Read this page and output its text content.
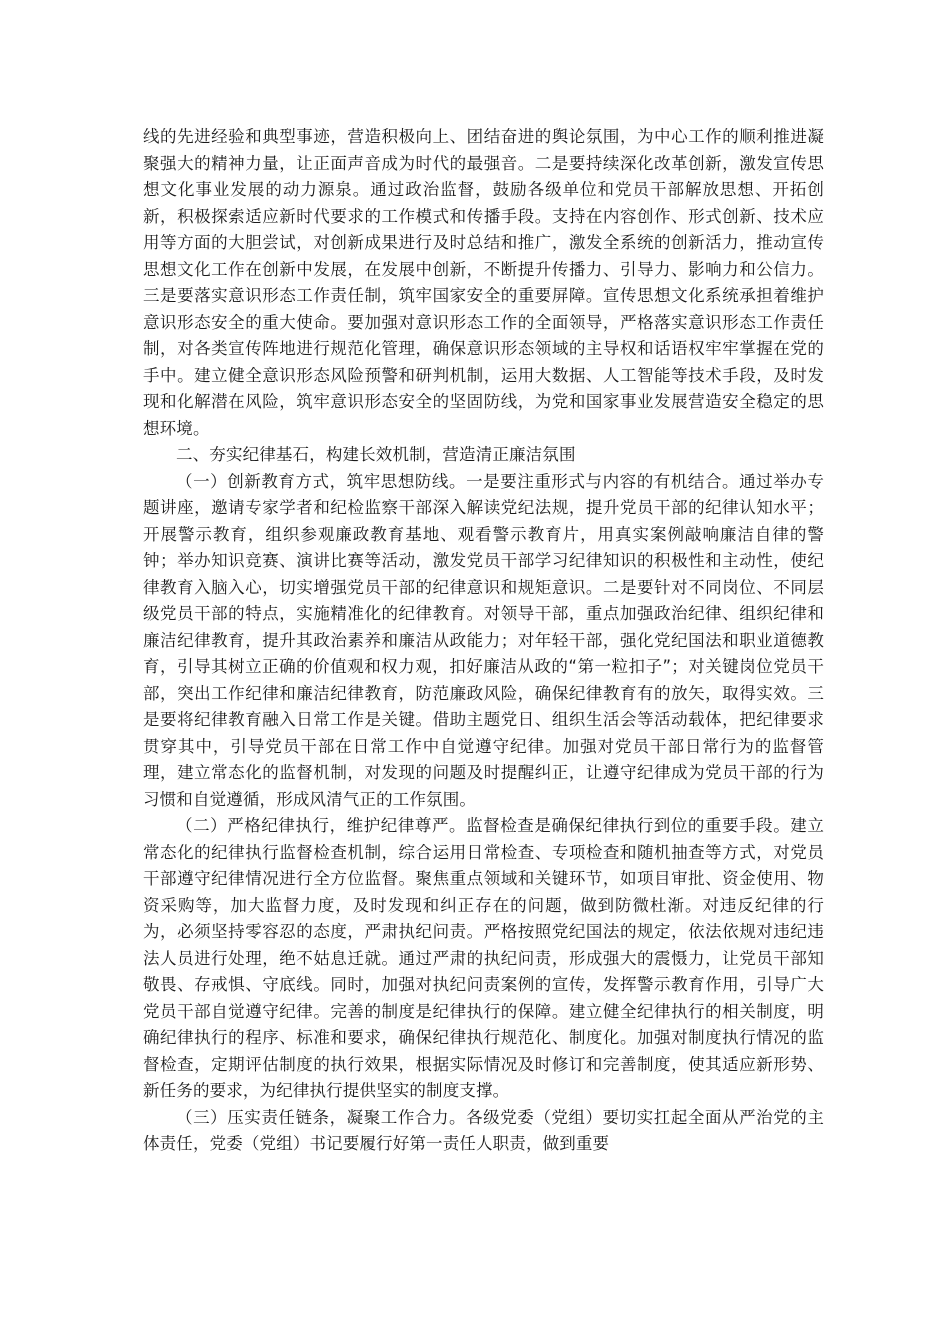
线的先进经验和典型事迹，营造积极向上、团结奋进的舆论氛围，为中心工作的顺利推进凝聚强大的精神力量，让正面声音成为时代的最强音。二是要持续深化改革创新，激发宣传思想文化事业发展的动力源泉。通过政治监督，鼓励各级单位和党员干部解放思想、开拓创新，积极探索适应新时代要求的工作模式和传播手段。支持在内容创作、形式创新、技术应用等方面的大胆尝试，对创新成果进行及时总结和推广，激发全系统的创新活力，推动宣传思想文化工作在创新中发展，在发展中创新，不断提升传播力、引导力、影响力和公信力。三是要落实意识形态工作责任制，筑牢国家安全的重要屏障。宣传思想文化系统承担着维护意识形态安全的重大使命。要加强对意识形态工作的全面领导，严格落实意识形态工作责任制，对各类宣传阵地进行规范化管理，确保意识形态领域的主导权和话语权牢牢掌握在党的手中。建立健全意识形态风险预警和研判机制，运用大数据、人工智能等技术手段，及时发现和化解潜在风险，筑牢意识形态安全的坚固防线，为党和国家事业发展营造安全稳定的思想环境。

二、夯实纪律基石，构建长效机制，营造清正廉洁氛围

（一）创新教育方式，筑牢思想防线。一是要注重形式与内容的有机结合。通过举办专题讲座，邀请专家学者和纪检监察干部深入解读党纪法规，提升党员干部的纪律认知水平；开展警示教育，组织参观廉政教育基地、观看警示教育片，用真实案例敲响廉洁自律的警钟；举办知识竞赛、演讲比赛等活动，激发党员干部学习纪律知识的积极性和主动性，使纪律教育入脑入心，切实增强党员干部的纪律意识和规矩意识。二是要针对不同岗位、不同层级党员干部的特点，实施精准化的纪律教育。对领导干部，重点加强政治纪律、组织纪律和廉洁纪律教育，提升其政治素养和廉洁从政能力；对年轻干部，强化党纪国法和职业道德教育，引导其树立正确的价值观和权力观，扣好廉洁从政的“第一粒扣子”；对关键岗位党员干部，突出工作纪律和廉洁纪律教育，防范廉政风险，确保纪律教育有的放矢，取得实效。三是要将纪律教育融入日常工作是关键。借助主题党日、组织生活会等活动载体，把纪律要求贯穿其中，引导党员干部在日常工作中自觉遵守纪律。加强对党员干部日常行为的监督管理，建立常态化的监督机制，对发现的问题及时提醒纠正，让遵守纪律成为党员干部的行为习惯和自觉遵循，形成风清气正的工作氛围。

（二）严格纪律执行，维护纪律尊严。监督检查是确保纪律执行到位的重要手段。建立常态化的纪律执行监督检查机制，综合运用日常检查、专项检查和随机抽查等方式，对党员干部遵守纪律情况进行全方位监督。聚焦重点领域和关键环节，如项目审批、资金使用、物资采购等，加大监督力度，及时发现和纠正存在的问题，做到防微杜渐。对违反纪律的行为，必须坚持零容忍的态度，严肃执纪问责。严格按照党纪国法的规定，依法依规对违纪违法人员进行处理，绝不姑息迁就。通过严肃的执纪问责，形成强大的震慑力，让党员干部知敬畏、存戒惧、守底线。同时，加强对执纪问责案例的宣传，发挥警示教育作用，引导广大党员干部自觉遵守纪律。完善的制度是纪律执行的保障。建立健全纪律执行的相关制度，明确纪律执行的程序、标准和要求，确保纪律执行规范化、制度化。加强对制度执行情况的监督检查，定期评估制度的执行效果，根据实际情况及时修订和完善制度，使其适应新形势、新任务的要求，为纪律执行提供坚实的制度支撑。

（三）压实责任链条，凝聚工作合力。各级党委（党组）要切实扛起全面从严治党的主体责任，党委（党组）书记要履行好第一责任人职责，做到重要
